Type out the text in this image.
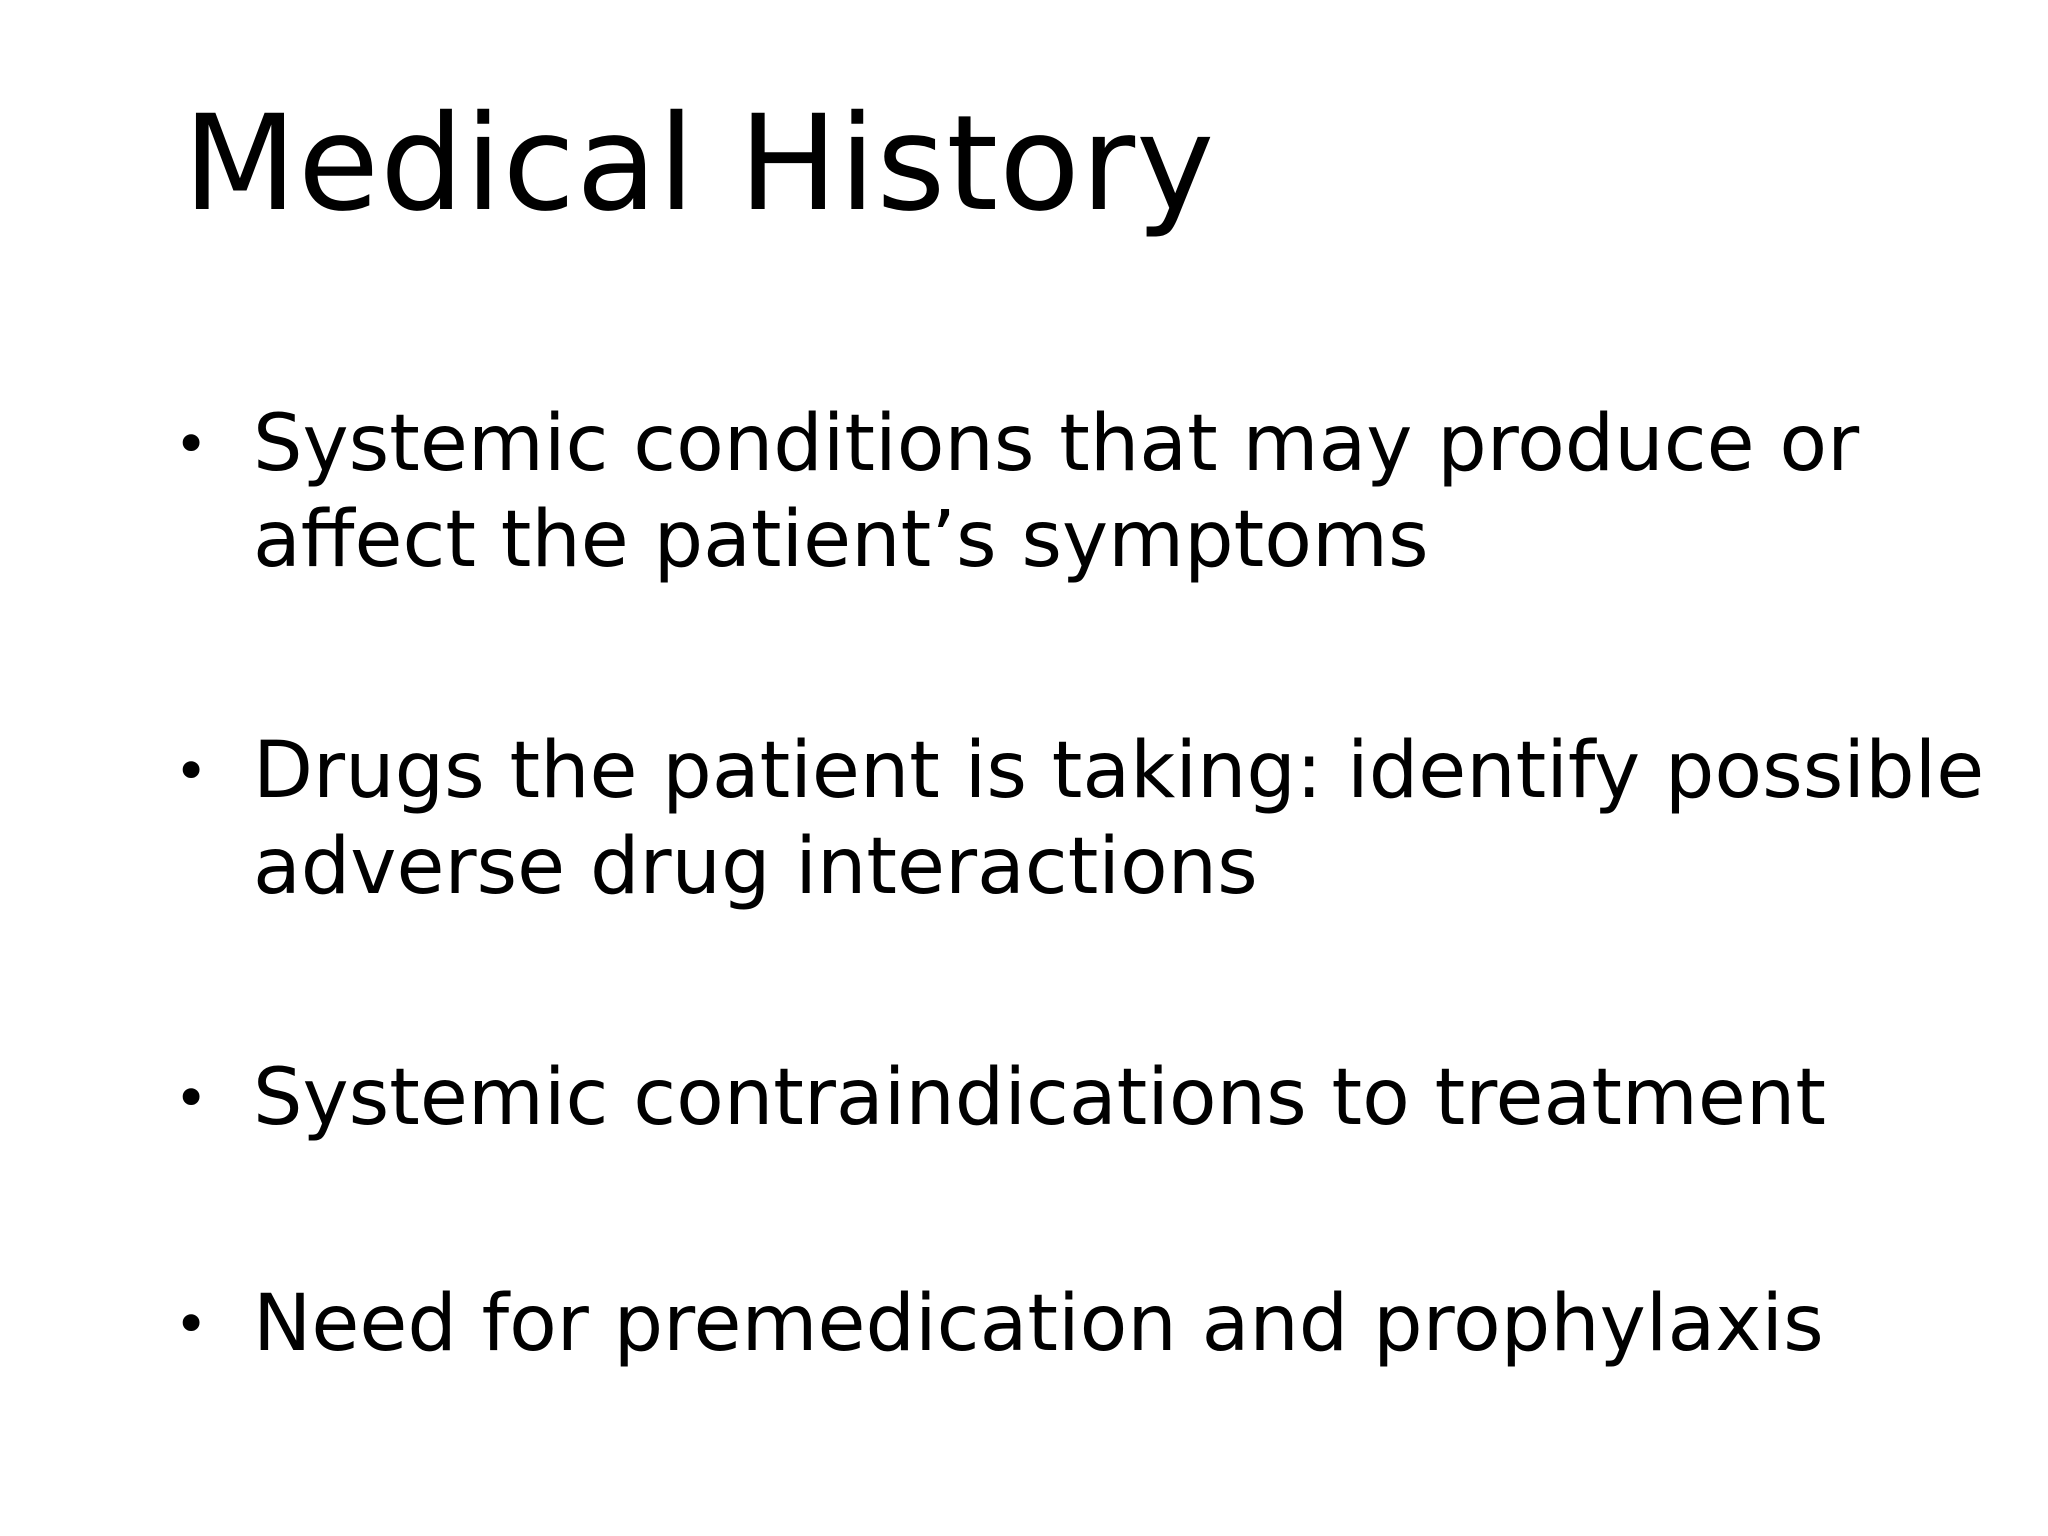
Medical History
• Systemic conditions that may produce or
affect the patient’s symptoms
• Drugs the patient is taking: identify possible
adverse drug interactions
• Systemic contraindications to treatment
• Need for premedication and prophylaxis
